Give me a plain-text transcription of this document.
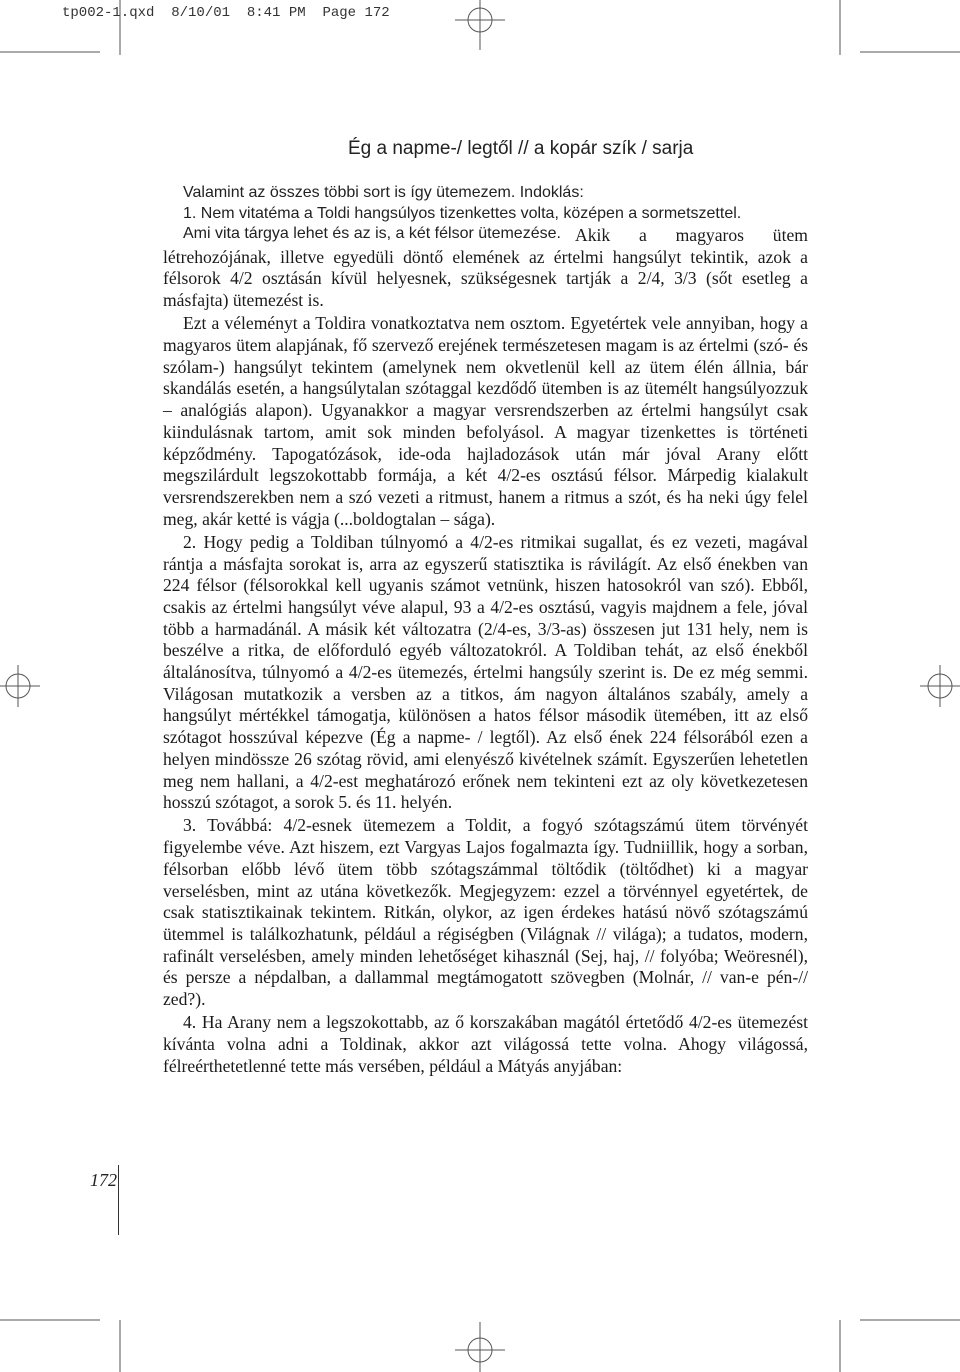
tp002-1.qxd  8/10/01  8:41 PM  Page 172
Ég a napme-/ legtől // a kopár szík / sarja
Valamint az összes többi sort is így ütemezem. Indoklás:
1. Nem vitatéma a Toldi hangsúlyos tizenkettes volta, középen a sormetszettel.
Ami vita tárgya lehet és az is, a két félsor ütemezése. Akik a magyaros ütem létrehozójának, illetve egyedüli döntő elemének az értelmi hangsúlyt tekintik, azok a félsorok 4/2 osztásán kívül helyesnek, szükségesnek tartják a 2/4, 3/3 (sőt esetleg a másfajta) ütemezést is.

Ezt a véleményt a Toldira vonatkoztatva nem osztom. Egyetértek vele annyiban, hogy a magyaros ütem alapjának, fő szervező erejének természetesen magam is az értelmi (szó- és szólam-) hangsúlyt tekintem (amelynek nem okvetlenül kell az ütem élén állnia, bár skandálás esetén, a hangsúlytalan szótaggal kezdődő ütemben is az ütemélt hangsúlyozzuk – analógiás alapon). Ugyanakkor a magyar versrendszerben az értelmi hangsúlyt csak kiindulásnak tartom, amit sok minden befolyásol. A magyar tizenkettes is történeti képződmény. Tapogatózások, ide-oda hajladozások után már jóval Arany előtt megszilárdult legszokottabb formája, a két 4/2-es osztású félsor. Márpedig kialakult versrendszerekben nem a szó vezeti a ritmust, hanem a ritmus a szót, és ha neki úgy felel meg, akár ketté is vágja (...boldogtalan – sága).

2. Hogy pedig a Toldiban túlnyomó a 4/2-es ritmikai sugallat, és ez vezeti, magával rántja a másfajta sorokat is, arra az egyszerű statisztika is rávilágít. Az első énekben van 224 félsor (félsorokkal kell ugyanis számot vetnünk, hiszen hatosokról van szó). Ebből, csakis az értelmi hangsúlyt véve alapul, 93 a 4/2-es osztású, vagyis majdnem a fele, jóval több a harmadánál. A másik két változatra (2/4-es, 3/3-as) összesen jut 131 hely, nem is beszélve a ritka, de előforduló egyéb változatokról. A Toldiban tehát, az első énekből általánosítva, túlnyomó a 4/2-es ütemezés, értelmi hangsúly szerint is. De ez még semmi. Világosan mutatkozik a versben az a titkos, ám nagyon általános szabály, amely a hangsúlyt mértékkel támogatja, különösen a hatos félsor második ütemében, itt az első szótagot hosszúval képezve (Ég a napme- / legtől). Az első ének 224 félsorából ezen a helyen mindössze 26 szótag rövid, ami elenyésző kivételnek számít. Egyszerűen lehetetlen meg nem hallani, a 4/2-est meghatározó erőnek nem tekinteni ezt az oly következetesen hosszú szótagot, a sorok 5. és 11. helyén.

3. Továbbá: 4/2-esnek ütemezem a Toldit, a fogyó szótagszámú ütem törvényét figyelembe véve. Azt hiszem, ezt Vargyas Lajos fogalmazta így. Tudniillik, hogy a sorban, félsorban előbb lévő ütem több szótagszámmal töltődik (töltődhet) ki a magyar verselésben, mint az utána következők. Megjegyzem: ezzel a törvénnyel egyetértek, de csak statisztikainak tekintem. Ritkán, olykor, az igen érdekes hatású növő szótagszámú ütemmel is találkozhatunk, például a régiségben (Világnak // világa); a tudatos, modern, rafinált verselésben, amely minden lehetőséget kihasznál (Sej, haj, // folyóba; Weöresnél), és persze a népdalban, a dallammal megtámogatott szövegben (Molnár, // van-e pén-// zed?).

4. Ha Arany nem a legszokottabb, az ő korszakában magától értetődő 4/2-es ütemezést kívánta volna adni a Toldinak, akkor azt világossá tette volna. Ahogy világossá, félreérthetetlenné tette más versében, például a Mátyás anyjában:

172
